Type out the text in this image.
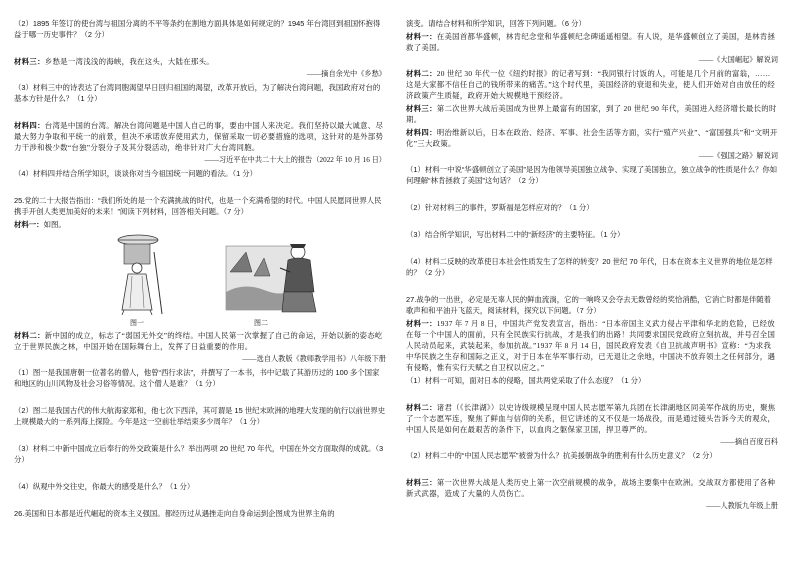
（2）1895 年签订的使台湾与祖国分离的不平等条约在割地方面具体是如何规定的？1945 年台湾回到祖国怀抱得益于哪一历史事件？（2 分）

材料三：乡愁是一湾浅浅的海峡，我在这头，大陆在那头。

——摘自余光中《乡愁》

（3）材料三中的诗表达了台湾同胞渴望早日回归祖国的渴望，改革开放后，为了解决台湾问题，我国政府对台的基本方针是什么？（1 分）

材料四：台湾是中国的台湾。解决台湾问题是中国人自己的事，要由中国人来决定。我们坚持以最大诚意、尽最大努力争取和平统一的前景，但决不承诺放弃使用武力，保留采取一切必要措施的选项，这针对的是外部势力干涉和极少数“台独”分裂分子及其分裂活动，绝非针对广大台湾同胞。

——习近平在中共二十大上的报告（2022 年 10 月 16 日）

（4）材料四并结合所学知识，谈谈你对当今祖国统一问题的看法。（1 分）

25.党的二十大报告指出：“我们所处的是一个充满挑战的时代，也是一个充满希望的时代。中国人民愿同世界人民携手开创人类更加美好的未来！”阅读下列材料，回答相关问题。（7 分）

材料一：如图。

图一	图二

材料二：新中国的成立，标志了“弱国无外交”的终结。中国人民第一次掌握了自己的命运，开始以新的姿态屹立于世界民族之林，中国开始在国际舞台上，发挥了日益重要的作用。

——选自人教版《教师教学用书》八年级下册

（1）图一是我国唐朝一位著名的僧人，他曾“西行求法”，并撰写了一本书，书中记载了其游历过的 100 多个国家和地区的山川风物及社会习俗等情况。这个僧人是谁？（1 分）

（2）图二是我国古代的伟大航海家郑和，他七次下西洋，其可谓是 15 世纪末欧洲的地理大发现的航行以前世界史上规模最大的一系列海上探险。今年是这一空前壮举结束多少周年？（1 分）

（3）材料二中新中国成立后奉行的外交政策是什么？举出两项 20 世纪 70 年代，中国在外交方面取得的成就。（3 分）

（4）纵观中外交往史，你最大的感受是什么？（1 分）

26.美国和日本都是近代崛起的资本主义强国。都经历过从遇挫走向自身命运到企图成为世界主角的

演变。请结合材料和所学知识，回答下列问题。（6 分）

材料一：在美国首都华盛顿，林肯纪念堂和华盛顿纪念碑遥遥相望。有人说，是华盛顿创立了美国，是林肯拯救了美国。

——《大国崛起》解说词

材料二：20 世纪 30 年代一位《纽约时报》的记者写到：“我同银行讨饭的人，可能是几个月前的富翁，……这是大家都不信任自己的钱所带来的痛苦。”这个时代里，美国经济的衰退和失业，使人们开始对自由放任的经济政策产生质疑，政府开始大规模地干预经济。

材料三：第二次世界大战后美国成为世界上最富有的国家，到了 20 世纪 90 年代，美国进入经济增长最长的时期。

材料四：明治维新以后，日本在政治、经济、军事、社会生活等方面，实行“殖产兴业”、“富国强兵”和“文明开化”三大政策。

——《强国之路》解说词

（1）材料一中说“华盛顿创立了美国”是因为他领导美国独立战争、实现了美国独立，独立战争的性质是什么？你如何理解“林肯拯救了美国”这句话？（2 分）

（2）针对材料三的事件，罗斯福是怎样应对的？（1 分）

（3）结合所学知识，写出材料二中的“新经济”的主要特征。（1 分）

（4）材料二反映的改革使日本社会性质发生了怎样的转变？20 世纪 70 年代，日本在资本主义世界的地位是怎样的？（2 分）

27.战争的一出世，必定是无辜人民的鲜血流淌，它的一响咚又会夺去无数曾经的奖恰消酷，它消亡时都是伴随着歌声和和平油升飞蓝天，阅读材料，探究以下问题。（7 分）

材料一：1937 年 7 月 8 日，中国共产党发表宣言，指出：“日本帝国主义武力侵占平津和华北的危险，已经放在每一个中国人的面前，只有全民族实行抗战，才是我们的出路！共同要求国民党政府立刻抗战，并号召全国人民动员起来，武装起来，参加抗战。”1937 年 8 月 14 日，国民政府发表《自卫抗战声明书》宣称：“为求我中华民族之生存和国际之正义，对于日本在华军事行动，已无退让之余地，中国决不放弃领土之任何部分，遇有侵略，惟有实行天赋之自卫权以应之。”

（1）材料一可知，面对日本的侵略，国共两党采取了什么态度？（1 分）

材料二：诸君（《长津湖》）以史诗级规模呈现中国人民志愿军第九兵团在长津湖地区同美军作战的历史，聚焦了一个志愿军连，聚焦了鲜血与信仰的关系，但它讲述的又不仅是一场战役，而是通过镜头告诉今天的观众，中国人民是如何在最艰苦的条件下，以血肉之躯保家卫国，捍卫尊严的。

——摘自百度百科

（2）材料二中的“中国人民志愿军”被誉为什么？抗美援朝战争的胜利有什么历史意义？（2 分）

材料三：第一次世界大战是人类历史上第一次空前规模的战争，战场主要集中在欧洲。交战双方都使用了各种新式武器，造成了大量的人员伤亡。

——人教版九年级上册
